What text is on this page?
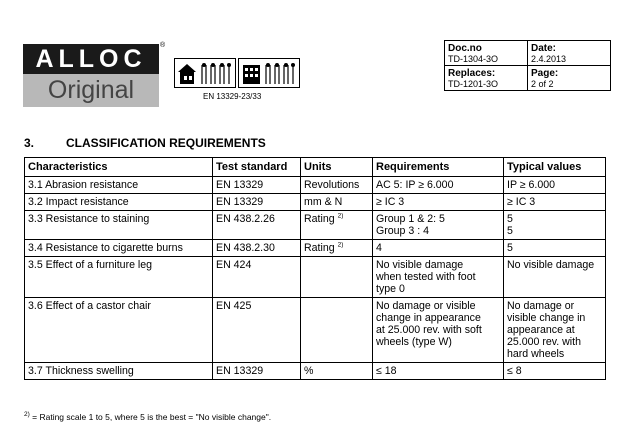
ALLOC
Original
®
EN 13329-23/33
Doc.no
TD-1304-3O	Date:
2.4.2013

Replaces:
TD-1201-3O	Page:
2 of 2
3.	CLASSIFICATION REQUIREMENTS
Characteristics	Test standard	Units	Requirements	Typical values
3.1 Abrasion resistance	EN 13329	Revolutions	AC 5: IP ≥ 6.000	IP ≥ 6.000

3.2 Impact resistance	EN 13329	mm & N	≥ IC 3	≥ IC 3

3.3 Resistance to staining	EN 438.2.26	Rating $^{2)}$	Group 1 & 2: 5
Group 3 : 4	5
5

3.4 Resistance to cigarette burns	EN 438.2.30	Rating $^{2)}$	4	5

3.5 Effect of a furniture leg	EN 424		No visible damage
when tested with foot
type 0	No visible damage

3.6 Effect of a castor chair	EN 425		No damage or visible
change in appearance
at 25.000 rev. with soft
wheels (type W)	No damage or
visible change in
appearance at
25.000 rev. with
hard wheels

3.7 Thickness swelling	EN 13329	%	≤ 18	≤ 8
$^{2)}$ = Rating scale 1 to 5, where 5 is the best = "No visible change".
